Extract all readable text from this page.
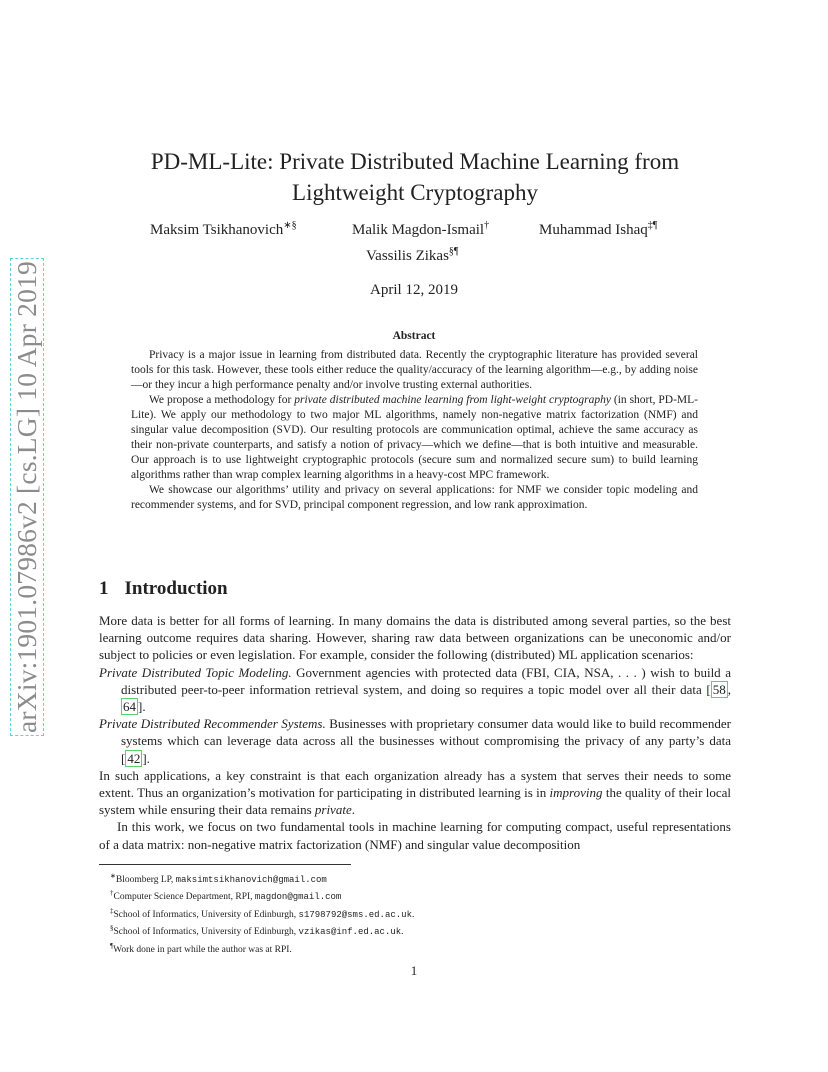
arXiv:1901.07986v2 [cs.LG] 10 Apr 2019
PD-ML-Lite: Private Distributed Machine Learning from
Lightweight Cryptography
Maksim Tsikhanovich∗§	Malik Magdon-Ismail†	Muhammad Ishaq‡¶
Vassilis Zikas§¶
April 12, 2019
Abstract

Privacy is a major issue in learning from distributed data. Recently the cryptographic literature has provided several tools for this task. However, these tools either reduce the quality/accuracy of the learning algorithm—e.g., by adding noise—or they incur a high performance penalty and/or involve trusting external authorities.

We propose a methodology for private distributed machine learning from light-weight cryptography (in short, PD-ML-Lite). We apply our methodology to two major ML algorithms, namely non-negative matrix factorization (NMF) and singular value decomposition (SVD). Our resulting protocols are communication optimal, achieve the same accuracy as their non-private counterparts, and satisfy a notion of privacy—which we define—that is both intuitive and measurable. Our approach is to use lightweight cryptographic protocols (secure sum and normalized secure sum) to build learning algorithms rather than wrap complex learning algorithms in a heavy-cost MPC framework.

We showcase our algorithms’ utility and privacy on several applications: for NMF we consider topic modeling and recommender systems, and for SVD, principal component regression, and low rank approximation.

1 Introduction

More data is better for all forms of learning. In many domains the data is distributed among several parties, so the best learning outcome requires data sharing. However, sharing raw data between organizations can be uneconomic and/or subject to policies or even legislation. For example, consider the following (distributed) ML application scenarios:

Private Distributed Topic Modeling. Government agencies with protected data (FBI, CIA, NSA, . . . ) wish to build a distributed peer-to-peer information retrieval system, and doing so requires a topic model over all their data [ 58 , 64 ].

Private Distributed Recommender Systems. Businesses with proprietary consumer data would like to build recommender systems which can leverage data across all the businesses without compromising the privacy of any party’s data [ 42 ].

In such applications, a key constraint is that each organization already has a system that serves their needs to some extent. Thus an organization’s motivation for participating in distributed learning is in improving the quality of their local system while ensuring their data remains private.

In this work, we focus on two fundamental tools in machine learning for computing compact, useful representations of a data matrix: non-negative matrix factorization (NMF) and singular value decomposition

∗Bloomberg LP, maksimtsikhanovich@gmail.com
†Computer Science Department, RPI, magdon@gmail.com
‡School of Informatics, University of Edinburgh, s1798792@sms.ed.ac.uk.
§School of Informatics, University of Edinburgh, vzikas@inf.ed.ac.uk.
¶Work done in part while the author was at RPI.
1
